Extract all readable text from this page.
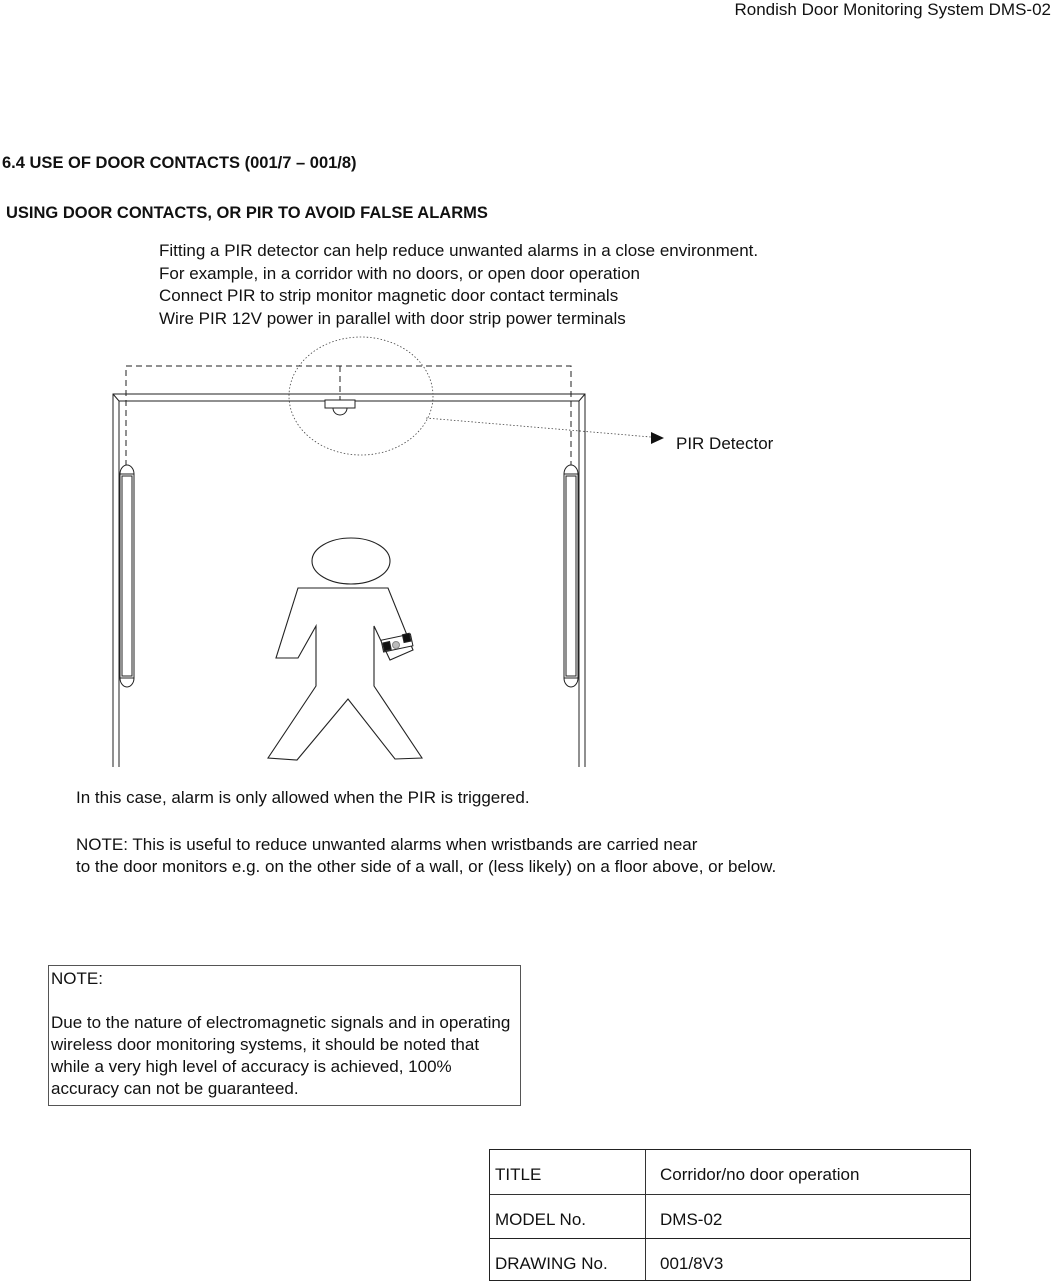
Rondish Door Monitoring System DMS-02
6.4 USE OF DOOR CONTACTS (001/7 – 001/8)
USING DOOR CONTACTS, OR PIR TO AVOID FALSE ALARMS
Fitting a PIR detector can help reduce unwanted alarms in a close environment.
For example, in a corridor with no doors, or open door operation
Connect PIR to strip monitor magnetic door contact terminals
Wire PIR 12V power in parallel with door strip power terminals
PIR Detector
In this case, alarm is only allowed when the PIR is triggered.
NOTE: This is useful to reduce unwanted alarms when wristbands are carried near
to the door monitors e.g. on the other side of a wall, or (less likely) on a floor above, or below.
NOTE:
Due to the nature of electromagnetic signals and in operating wireless door monitoring systems, it should be noted that while a very high level of accuracy is achieved, 100% accuracy can not be guaranteed.
TITLE	Corridor/no door operation
MODEL No.	DMS-02
DRAWING No.	001/8V3
